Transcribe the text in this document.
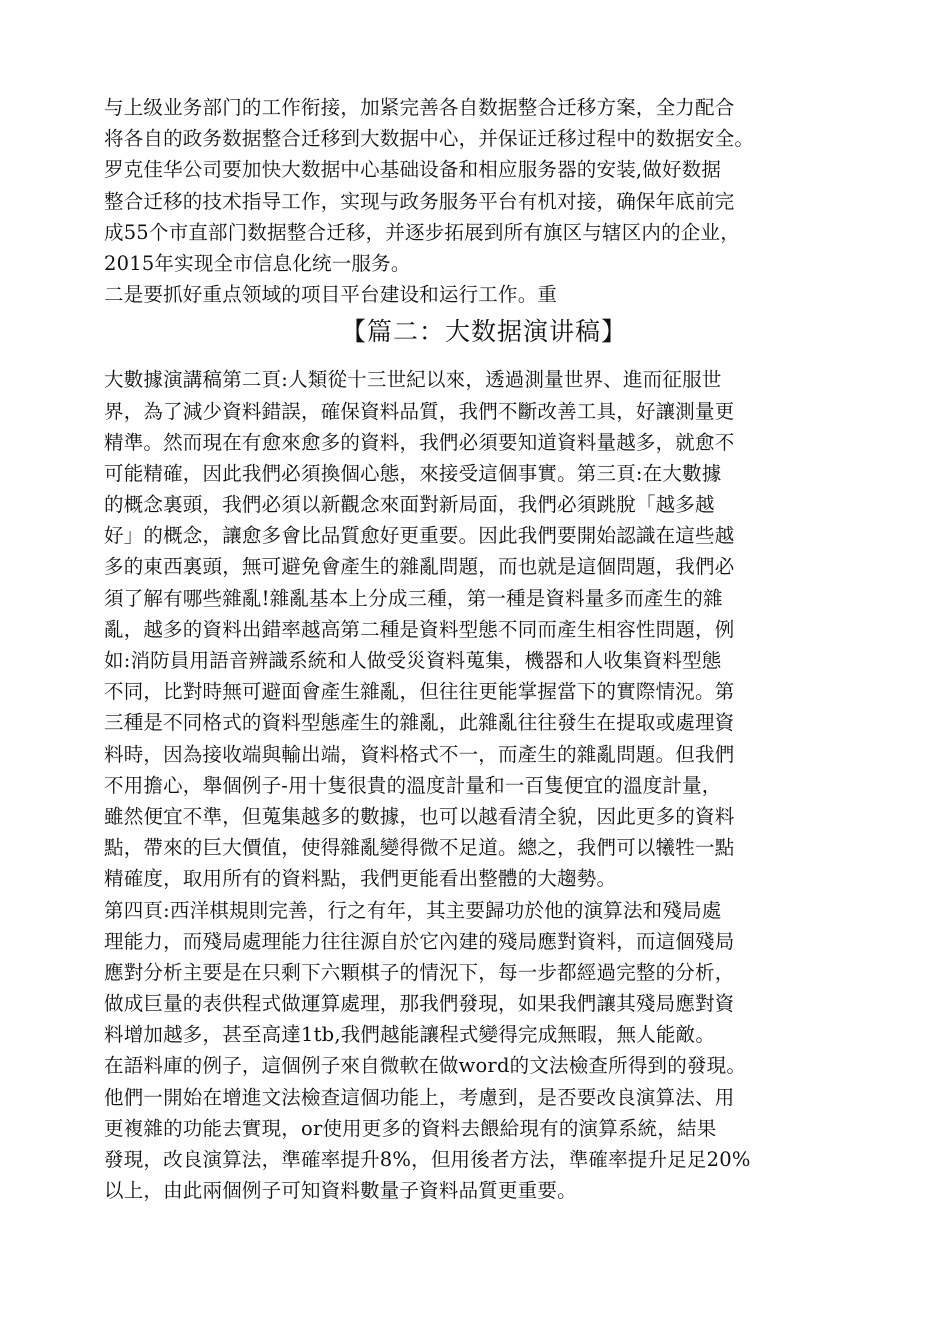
与上级业务部门的工作衔接，加紧完善各自数据整合迁移方案，全力配合
将各自的政务数据整合迁移到大数据中心，并保证迁移过程中的数据安全。
罗克佳华公司要加快大数据中心基础设备和相应服务器的安装,做好数据
整合迁移的技术指导工作，实现与政务服务平台有机对接，确保年底前完
成55个市直部门数据整合迁移，并逐步拓展到所有旗区与辖区内的企业，
2015年实现全市信息化统一服务。
二是要抓好重点领域的项目平台建设和运行工作。重
【篇二：大数据演讲稿】
大數據演講稿第二頁:人類從十三世紀以來，透過測量世界、進而征服世
界，為了減少資料錯誤，確保資料品質，我們不斷改善工具，好讓測量更
精準。然而現在有愈來愈多的資料，我們必須要知道資料量越多，就愈不
可能精確，因此我們必須換個心態，來接受這個事實。第三頁:在大數據
的概念裏頭，我們必須以新觀念來面對新局面，我們必須跳脫「越多越
好」的概念，讓愈多會比品質愈好更重要。因此我們要開始認識在這些越
多的東西裏頭，無可避免會產生的雜亂問題，而也就是這個問題，我們必
須了解有哪些雜亂!雜亂基本上分成三種，第一種是資料量多而產生的雜
亂，越多的資料出錯率越高第二種是資料型態不同而產生相容性問題，例
如:消防員用語音辨識系統和人做受災資料蒐集，機器和人收集資料型態
不同，比對時無可避面會產生雜亂，但往往更能掌握當下的實際情況。第
三種是不同格式的資料型態產生的雜亂，此雜亂往往發生在提取或處理資
料時，因為接收端與輸出端，資料格式不一，而產生的雜亂問題。但我們
不用擔心，舉個例子-用十隻很貴的溫度計量和一百隻便宜的溫度計量，
雖然便宜不準，但蒐集越多的數據，也可以越看清全貌，因此更多的資料
點，帶來的巨大價值，使得雜亂變得微不足道。總之，我們可以犧牲一點
精確度，取用所有的資料點，我們更能看出整體的大趨勢。
第四頁:西洋棋規則完善，行之有年，其主要歸功於他的演算法和殘局處
理能力，而殘局處理能力往往源自於它內建的殘局應對資料，而這個殘局
應對分析主要是在只剩下六顆棋子的情況下，每一步都經過完整的分析，
做成巨量的表供程式做運算處理，那我們發現，如果我們讓其殘局應對資
料增加越多，甚至高達1tb,我們越能讓程式變得完成無暇，無人能敵。
在語料庫的例子，這個例子來自微軟在做word的文法檢查所得到的發現。
他們一開始在增進文法檢查這個功能上，考慮到，是否要改良演算法、用
更複雜的功能去實現，or使用更多的資料去餵給現有的演算系統，結果
發現，改良演算法，準確率提升8%，但用後者方法，準確率提升足足20%
以上，由此兩個例子可知資料數量子資料品質更重要。
